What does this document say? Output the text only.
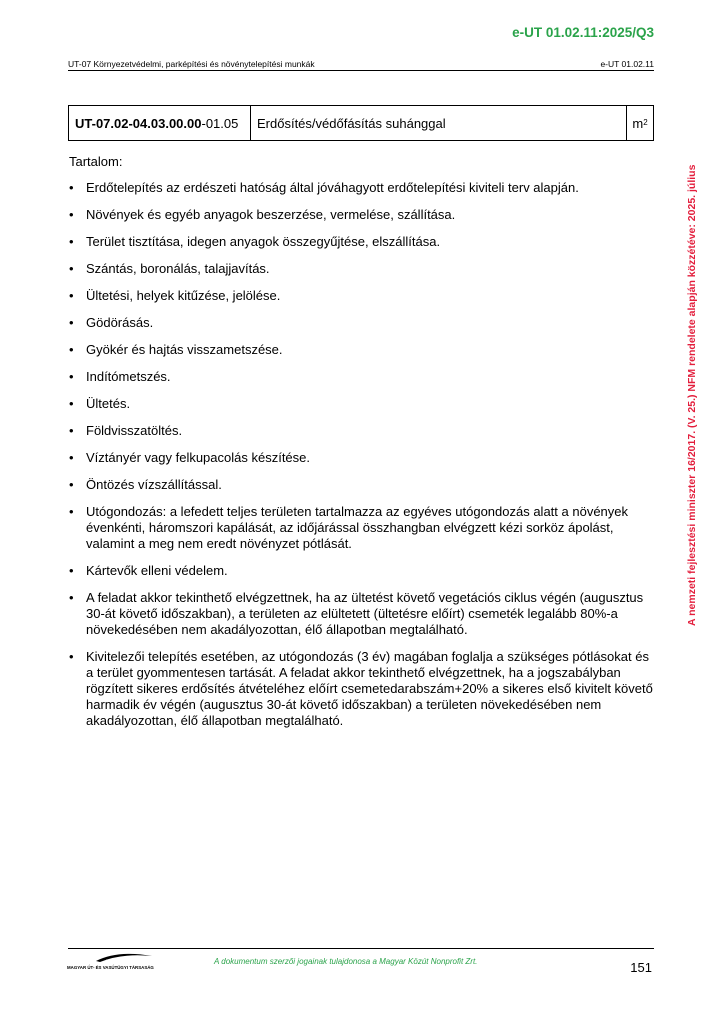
e-UT 01.02.11:2025/Q3
UT-07 Környezetvédelmi, parképítési és növénytelepítési munkák	e-UT 01.02.11
UT-07.02-04.03.00.00 -01.05	Erdősítés/védőfásítás suhánggal	$m^2$
Tartalom:
• Erdőtelepítés az erdészeti hatóság által jóváhagyott erdőtelepítési kiviteli terv alapján.
• Növények és egyéb anyagok beszerzése, vermelése, szállítása.
• Terület tisztítása, idegen anyagok összegyűjtése, elszállítása.
• Szántás, boronálás, talajjavítás.
• Ültetési, helyek kitűzése, jelölése.
• Gödörásás.
• Gyökér és hajtás visszametszése.
• Indítómetszés.
• Ültetés.
• Földvisszatöltés.
• Víztányér vagy felkupacolás készítése.
• Öntözés vízszállítással.
• Utógondozás: a lefedett teljes területen tartalmazza az egyéves utógondozás alatt a növények évenkénti, háromszori kapálását, az időjárással összhangban elvégzett kézi sorköz ápolást, valamint a meg nem eredt növényzet pótlását.
• Kártevők elleni védelem.
• A feladat akkor tekinthető elvégzettnek, ha az ültetést követő vegetációs ciklus végén (augusztus 30-át követő időszakban), a területen az elültetett (ültetésre előírt) csemeték legalább 80%-a növekedésében nem akadályozottan, élő állapotban megtalálható.
• Kivitelezői telepítés esetében, az utógondozás (3 év) magában foglalja a szükséges pótlásokat és a terület gyommentesen tartását. A feladat akkor tekinthető elvégzettnek, ha a jogszabályban rögzített sikeres erdősítés átvételéhez előírt csemetedarabszám+20% a sikeres első kivitelt követő harmadik év végén (augusztus 30-át követő időszakban) a területen növekedésében nem akadályozottan, élő állapotban megtalálható.
A nemzeti fejlesztési miniszter 16/2017. (V. 25.) NFM rendelete alapján közzétéve: 2025. július
MAGYAR ÚT- ÉS VASÚTÜGYI TÁRSASÁG
A dokumentum szerzői jogainak tulajdonosa a Magyar Közút Nonprofit Zrt.	151
